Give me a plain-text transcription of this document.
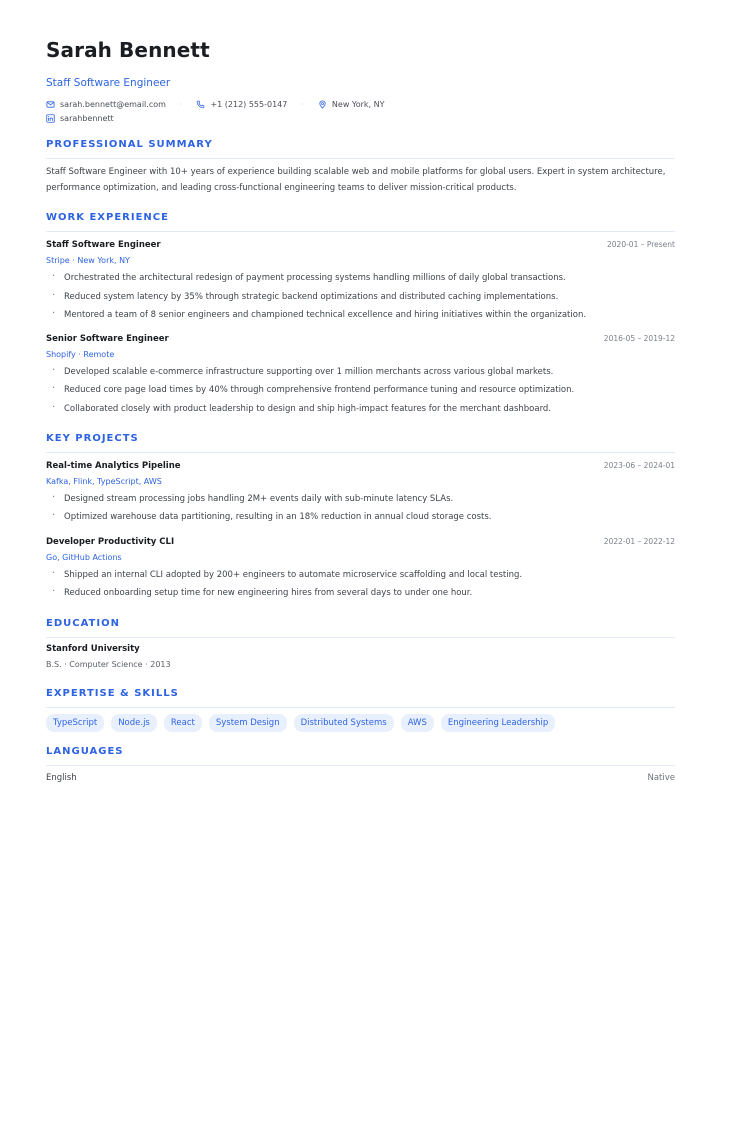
Sarah Bennett
Staff Software Engineer
sarah.bennett@email.com ·	+1 (212) 555-0147 ·	New York, NY
sarahbennett
PROFESSIONAL SUMMARY
Staff Software Engineer with 10+ years of experience building scalable web and mobile platforms for global users. Expert in system architecture, performance optimization, and leading cross-functional engineering teams to deliver mission-critical products.
WORK EXPERIENCE
Staff Software Engineer	2020-01 – Present
Stripe · New York, NY
· Orchestrated the architectural redesign of payment processing systems handling millions of daily global transactions.
· Reduced system latency by 35% through strategic backend optimizations and distributed caching implementations.
· Mentored a team of 8 senior engineers and championed technical excellence and hiring initiatives within the organization.
Senior Software Engineer	2016-05 – 2019-12
Shopify · Remote
· Developed scalable e-commerce infrastructure supporting over 1 million merchants across various global markets.
· Reduced core page load times by 40% through comprehensive frontend performance tuning and resource optimization.
· Collaborated closely with product leadership to design and ship high-impact features for the merchant dashboard.
KEY PROJECTS
Real-time Analytics Pipeline	2023-06 – 2024-01
Kafka, Flink, TypeScript, AWS
· Designed stream processing jobs handling 2M+ events daily with sub-minute latency SLAs.
· Optimized warehouse data partitioning, resulting in an 18% reduction in annual cloud storage costs.
Developer Productivity CLI	2022-01 – 2022-12
Go, GitHub Actions
· Shipped an internal CLI adopted by 200+ engineers to automate microservice scaffolding and local testing.
· Reduced onboarding setup time for new engineering hires from several days to under one hour.
EDUCATION
Stanford University
B.S. · Computer Science · 2013
EXPERTISE & SKILLS
TypeScript	Node.js	React	System Design	Distributed Systems	AWS	Engineering Leadership
LANGUAGES
English	Native
